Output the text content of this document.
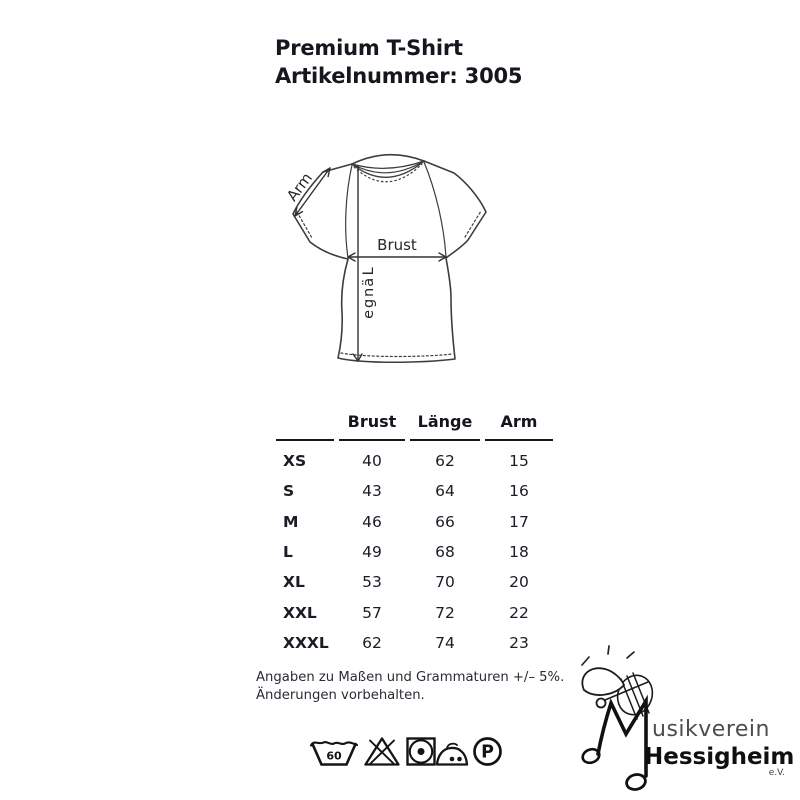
Premium T-Shirt
Artikelnummer: 3005
Brust
Arm
L
ä
n
g
e
	Brust	Länge	Arm
XS	40	62	15
S	43	64	16
M	46	66	17
L	49	68	18
XL	53	70	20
XXL	57	72	22
XXXL	62	74	23
Angaben zu Maßen und Grammaturen +/– 5%.
Änderungen vorbehalten.
60	P
usikverein
Hessigheim
e.V.
